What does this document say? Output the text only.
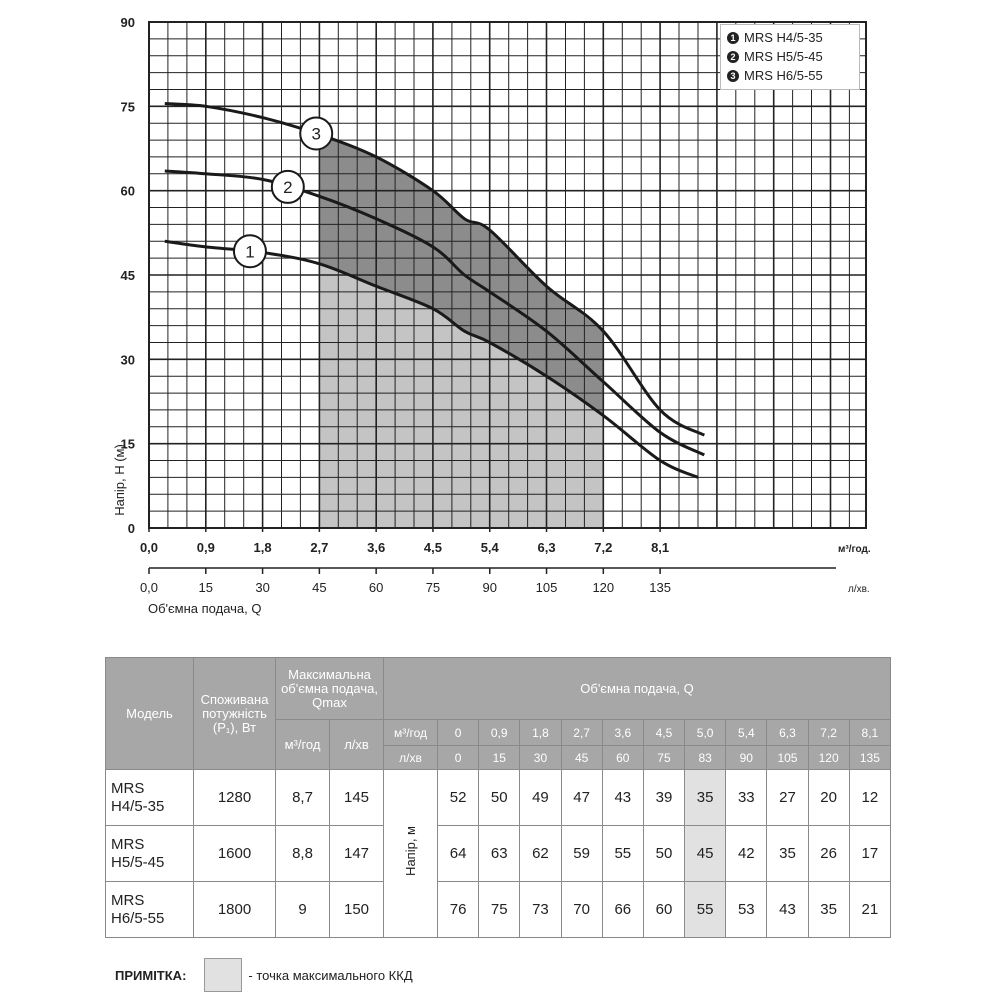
1
2
3
0
15
30
45
60
75
90
0,0	0,9	1,8	2,7	3,6	4,5	5,4	6,3	7,2	8,1
0,0	15	30	45	60	75	90	105	120	135
Напір, H (м)
м³/год.
л/хв.
Об'ємна подача, Q
1 MRS H4/5-35
2 MRS H5/5-45
3 MRS H6/5-55
Модель	Споживана потужність (P₁), Вт	Максимальна об'ємна подача, Qmax		Об'ємна подача, Q											
		м³/год	л/хв	м³/год	0	0,9	1,8	2,7	3,6	4,5	5,0	5,4	6,3	7,2	8,1
				л/хв	0	15	30	45	60	75	83	90	105	120	135
MRS
H4/5-35	1280	8,7	145	Напір, м	52	50	49	47	43	39	35	33	27	20	12
MRS
H5/5-45	1600	8,8	147		64	63	62	59	55	50	45	42	35	26	17
MRS
H6/5-55	1800	9	150		76	75	73	70	66	60	55	53	43	35	21
ПРИМІТКА:	- точка максимального ККД
